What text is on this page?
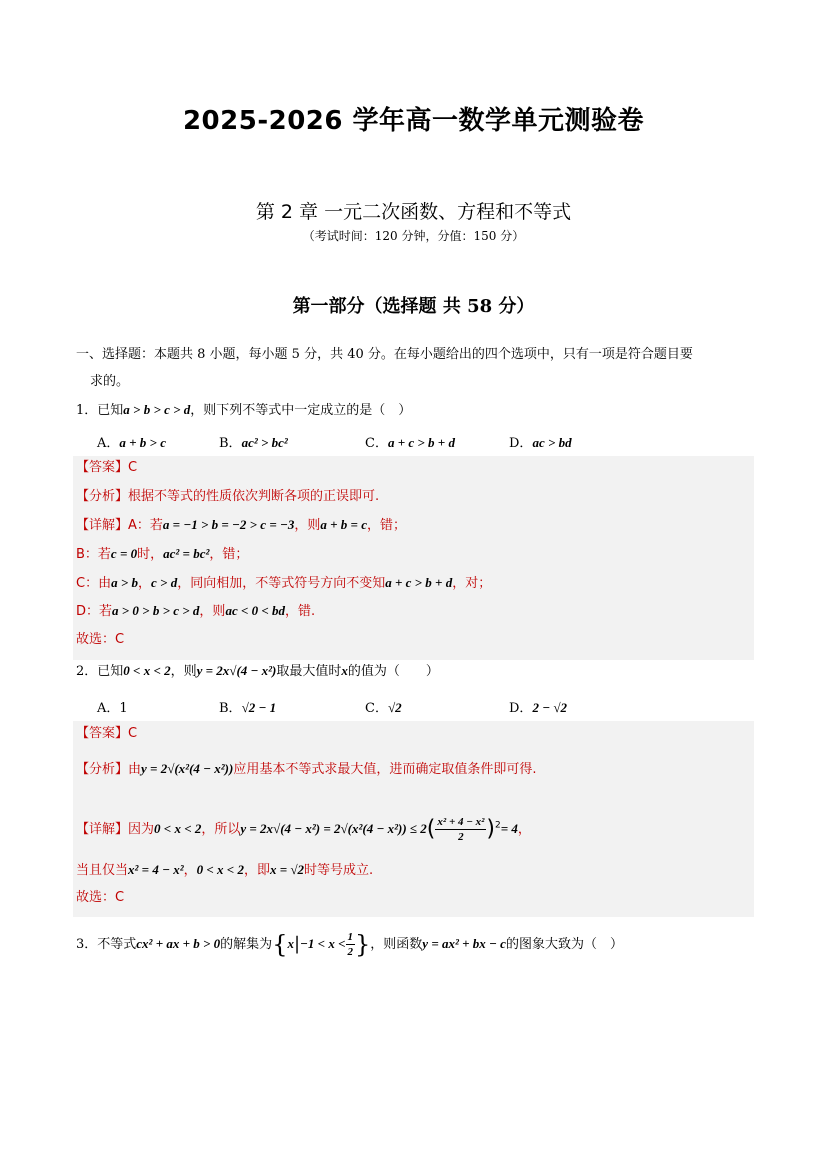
2025-2026 学年高一数学单元测验卷
第 2 章 一元二次函数、方程和不等式
（考试时间：120 分钟，分值：150 分）
第一部分（选择题 共 58 分）
一、选择题：本题共 8 小题，每小题 5 分，共 40 分。在每小题给出的四个选项中，只有一项是符合题目要
求的。
1．已知a > b > c > d，则下列不等式中一定成立的是（　）
A．a + b > c	B．ac² > bc²	C．a + c > b + d	D．ac > bd
【答案】C
【分析】根据不等式的性质依次判断各项的正误即可.
【详解】A：若a = −1 > b = −2 > c = −3，则a + b = c，错；
B：若c = 0时，ac² = bc²，错；
C：由a > b，c > d，同向相加，不等式符号方向不变知a + c > b + d，对；
D：若a > 0 > b > c > d，则ac < 0 < bd，错.
故选：C
2．已知0 < x < 2，则y = 2x√(4 − x²)取最大值时x的值为（　　）
A．1	B．√2 − 1	C．√2	D．2 − √2
【答案】C
【分析】由y = 2√(x²(4 − x²))应用基本不等式求最大值，进而确定取值条件即可得.
【详解】因为0 < x < 2，所以$y = 2x√(4 - x^2) = 2√(x^2(4 - x^2)) \le 2( \frac{\text{x² + 4 − x²}}{2} )^2= 4$，
当且仅当x² = 4 − x²，0 < x < 2，即x = √2时等号成立.
故选：C
3．不等式cx² + ax + b > 0的解集为{$x|-1 < x < \frac{1}{2}$ }，则函数y = ax² + bx − c的图象大致为（　）
